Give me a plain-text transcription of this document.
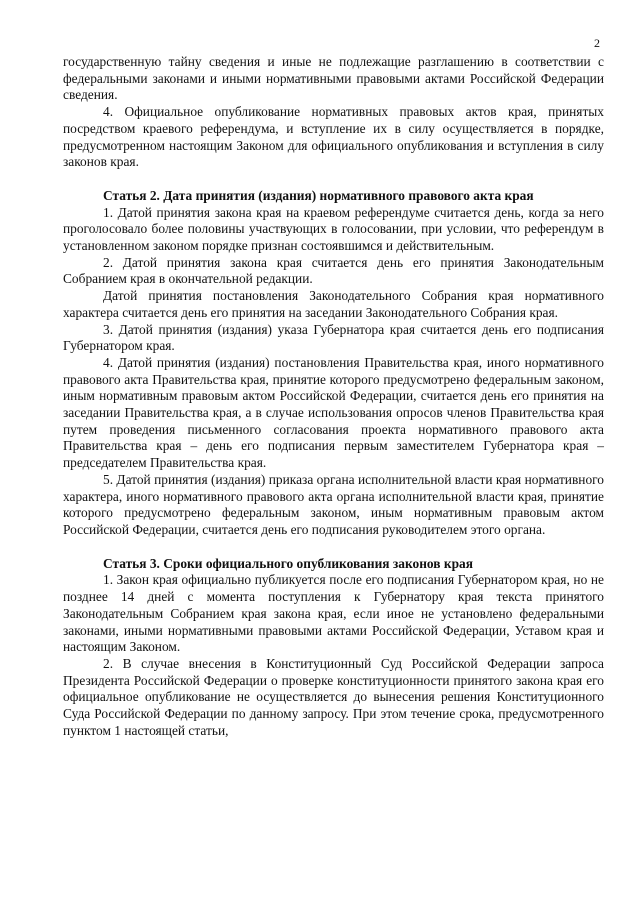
2

государственную тайну сведения и иные не подлежащие разглашению в соответствии с федеральными законами и иными нормативными правовыми актами Российской Федерации сведения.

4. Официальное опубликование нормативных правовых актов края, принятых посредством краевого референдума, и вступление их в силу осуществляется в порядке, предусмотренном настоящим Законом для официального опубликования и вступления в силу законов края.

Статья 2. Дата принятия (издания) нормативного правового акта края

1. Датой принятия закона края на краевом референдуме считается день, когда за него проголосовало более половины участвующих в голосовании, при условии, что референдум в установленном законом порядке признан состоявшимся и действительным.

2. Датой принятия закона края считается день его принятия Законодательным Собранием края в окончательной редакции.

Датой принятия постановления Законодательного Собрания края нормативного характера считается день его принятия на заседании Законодательного Собрания края.

3. Датой принятия (издания) указа Губернатора края считается день его подписания Губернатором края.

4. Датой принятия (издания) постановления Правительства края, иного нормативного правового акта Правительства края, принятие которого предусмотрено федеральным законом, иным нормативным правовым актом Российской Федерации, считается день его принятия на заседании Правительства края, а в случае использования опросов членов Правительства края путем проведения письменного согласования проекта нормативного правового акта Правительства края – день его подписания первым заместителем Губернатора края – председателем Правительства края.

5. Датой принятия (издания) приказа органа исполнительной власти края нормативного характера, иного нормативного правового акта органа исполнительной власти края, принятие которого предусмотрено федеральным законом, иным нормативным правовым актом Российской Федерации, считается день его подписания руководителем этого органа.

Статья 3. Сроки официального опубликования законов края

1. Закон края официально публикуется после его подписания Губернатором края, но не позднее 14 дней с момента поступления к Губернатору края текста принятого Законодательным Собранием края закона края, если иное не установлено федеральными законами, иными нормативными правовыми актами Российской Федерации, Уставом края и настоящим Законом.

2. В случае внесения в Конституционный Суд Российской Федерации запроса Президента Российской Федерации о проверке конституционности принятого закона края его официальное опубликование не осуществляется до вынесения решения Конституционного Суда Российской Федерации по данному запросу. При этом течение срока, предусмотренного пунктом 1 настоящей статьи,
